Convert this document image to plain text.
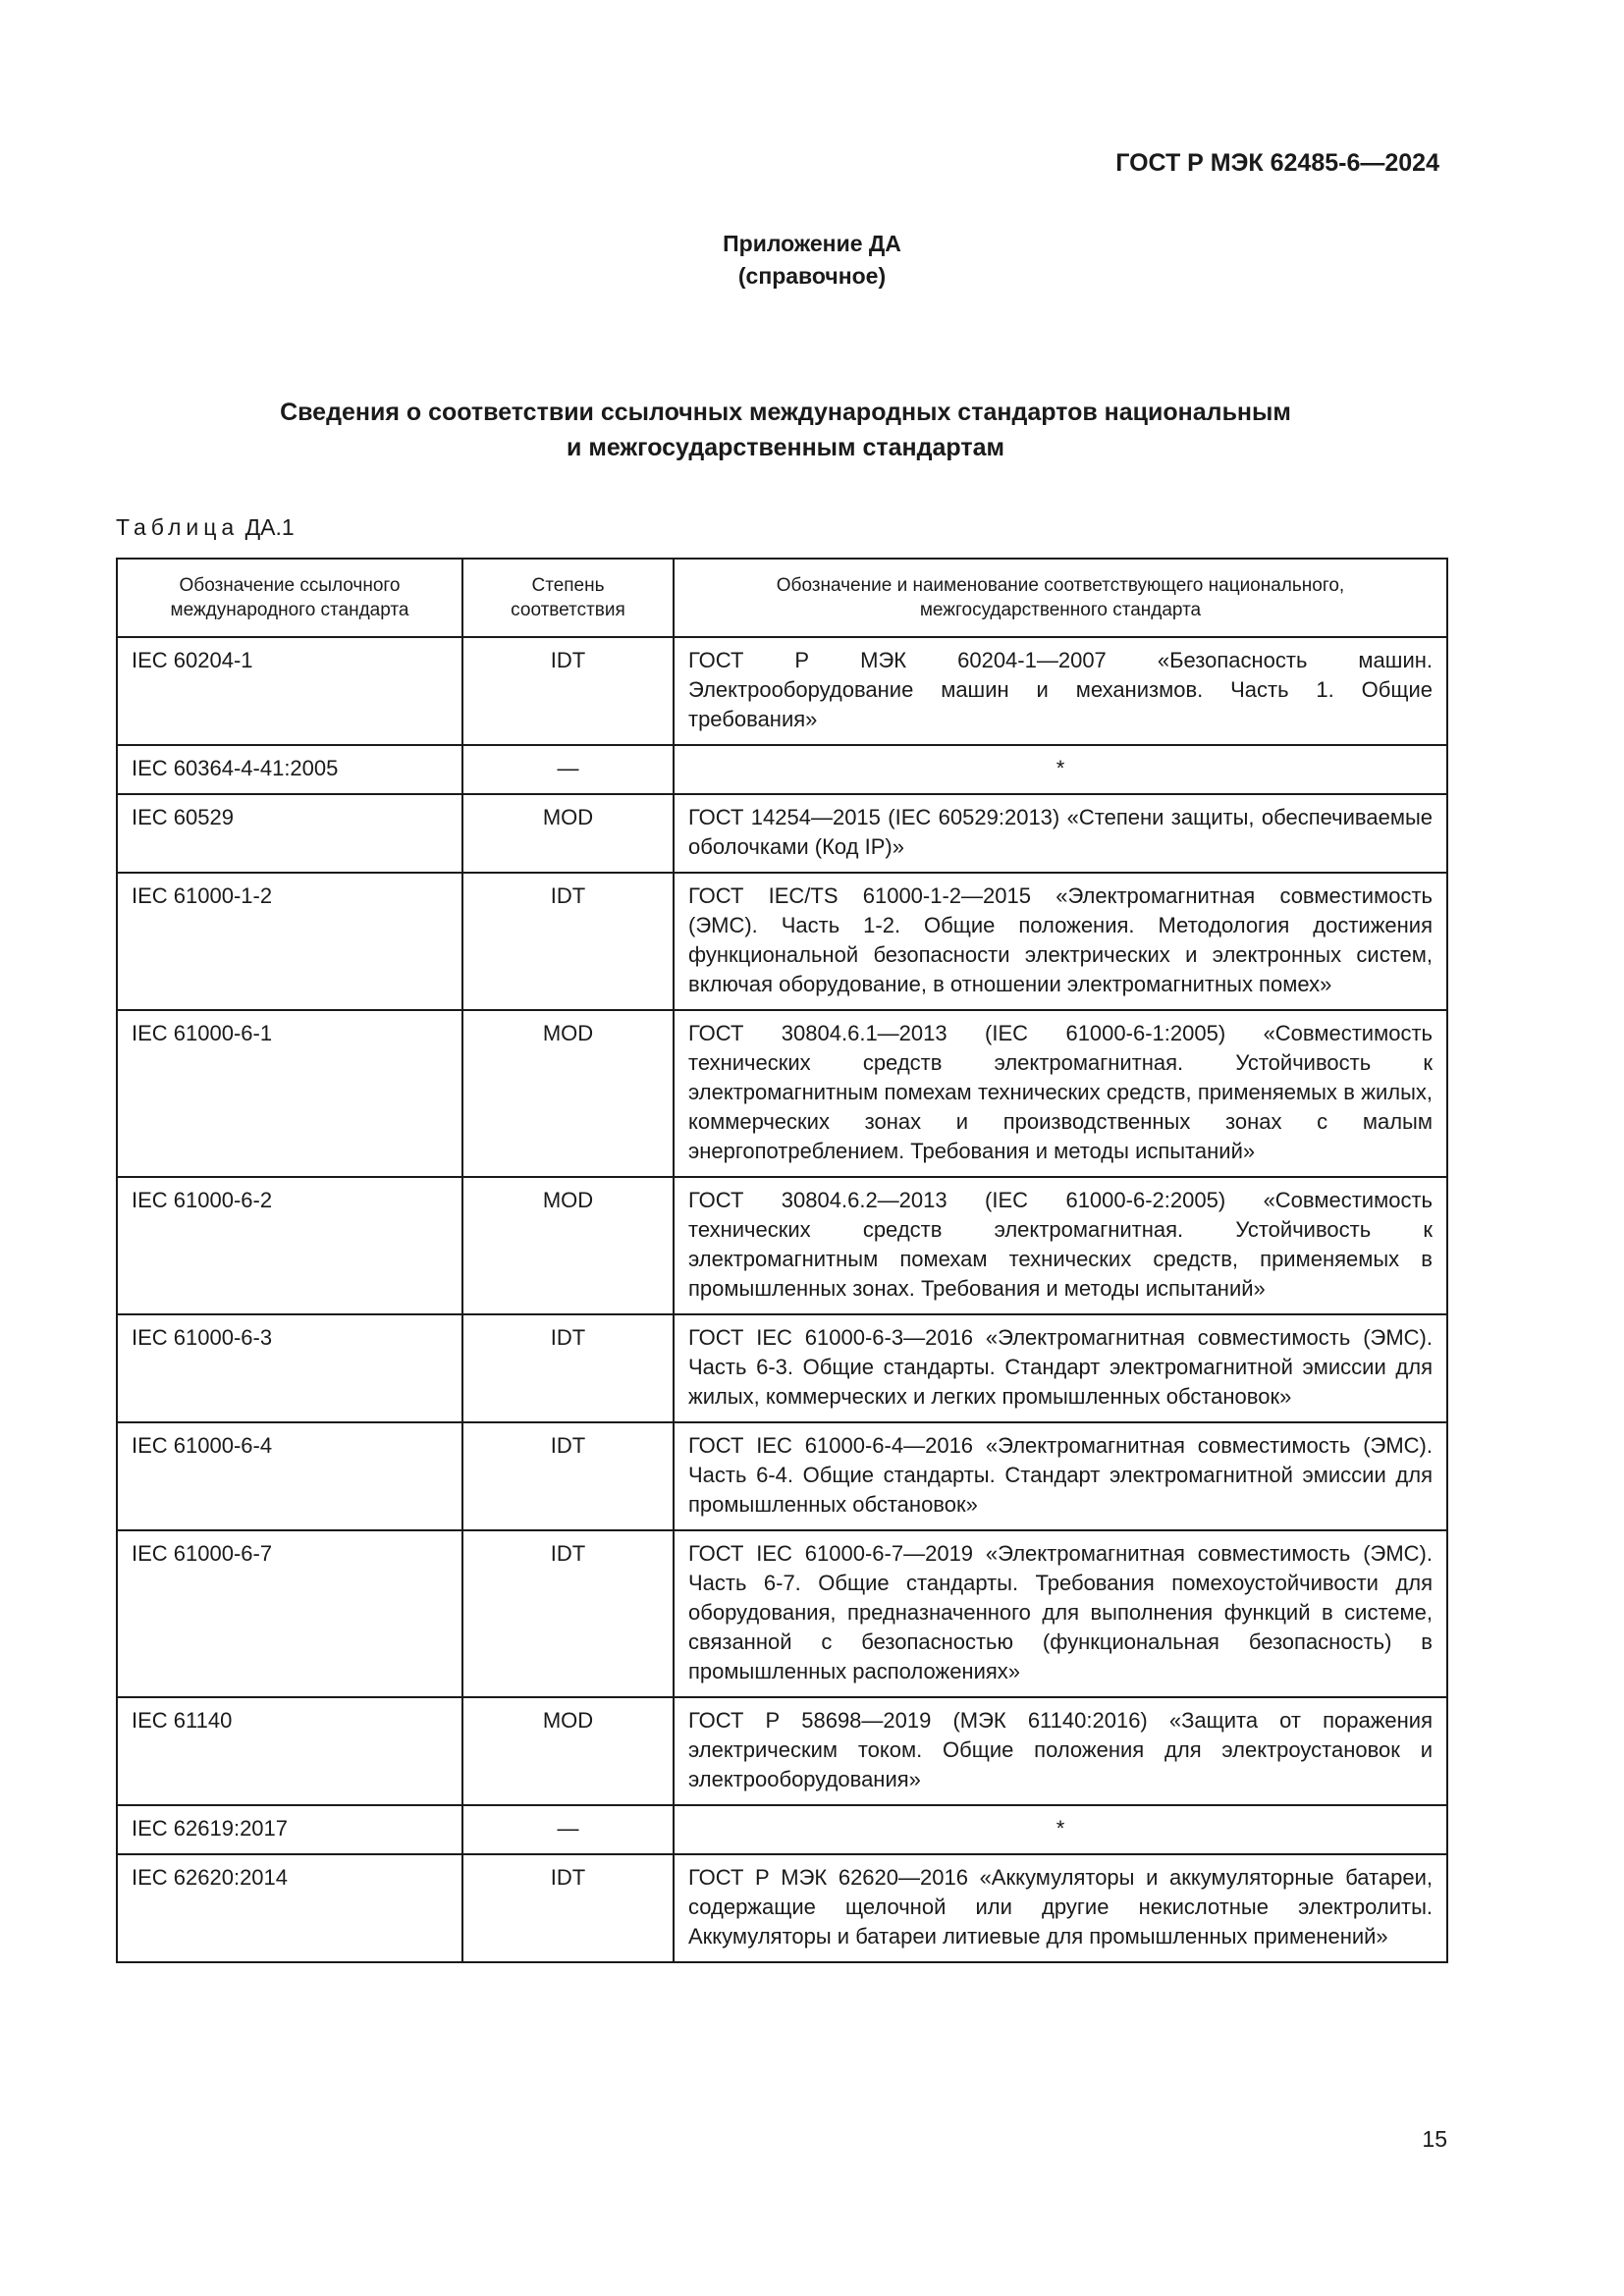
ГОСТ Р МЭК 62485-6—2024
Приложение ДА
(справочное)
Сведения о соответствии ссылочных международных стандартов национальным
и межгосударственным стандартам
Таблица ДА.1
Обозначение ссылочного международного стандарта	Степень соответствия	Обозначение и наименование соответствующего национального, межгосударственного стандарта
IEC 60204-1	IDT	ГОСТ Р МЭК 60204-1—2007 «Безопасность машин. Электрооборудование машин и механизмов. Часть 1. Общие требования»
IEC 60364-4-41:2005	—	*
IEC 60529	MOD	ГОСТ 14254—2015 (IEC 60529:2013) «Степени защиты, обеспечиваемые оболочками (Код IP)»
IEC 61000-1-2	IDT	ГОСТ IEC/TS 61000-1-2—2015 «Электромагнитная совместимость (ЭМС). Часть 1-2. Общие положения. Методология достижения функциональной безопасности электрических и электронных систем, включая оборудование, в отношении электромагнитных помех»
IEC 61000-6-1	MOD	ГОСТ 30804.6.1—2013 (IEC 61000-6-1:2005) «Совместимость технических средств электромагнитная. Устойчивость к электромагнитным помехам технических средств, применяемых в жилых, коммерческих зонах и производственных зонах с малым энергопотреблением. Требования и методы испытаний»
IEC 61000-6-2	MOD	ГОСТ 30804.6.2—2013 (IEC 61000-6-2:2005) «Совместимость технических средств электромагнитная. Устойчивость к электромагнитным помехам технических средств, применяемых в промышленных зонах. Требования и методы испытаний»
IEC 61000-6-3	IDT	ГОСТ IEC 61000-6-3—2016 «Электромагнитная совместимость (ЭМС). Часть 6-3. Общие стандарты. Стандарт электромагнитной эмиссии для жилых, коммерческих и легких промышленных обстановок»
IEC 61000-6-4	IDT	ГОСТ IEC 61000-6-4—2016 «Электромагнитная совместимость (ЭМС). Часть 6-4. Общие стандарты. Стандарт электромагнитной эмиссии для промышленных обстановок»
IEC 61000-6-7	IDT	ГОСТ IEC 61000-6-7—2019 «Электромагнитная совместимость (ЭМС). Часть 6-7. Общие стандарты. Требования помехоустойчивости для оборудования, предназначенного для выполнения функций в системе, связанной с безопасностью (функциональная безопасность) в промышленных расположениях»
IEC 61140	MOD	ГОСТ Р 58698—2019 (МЭК 61140:2016) «Защита от поражения электрическим током. Общие положения для электроустановок и электрооборудования»
IEC 62619:2017	—	*
IEC 62620:2014	IDT	ГОСТ Р МЭК 62620—2016 «Аккумуляторы и аккумуляторные батареи, содержащие щелочной или другие некислотные электролиты. Аккумуляторы и батареи литиевые для промышленных применений»
15
